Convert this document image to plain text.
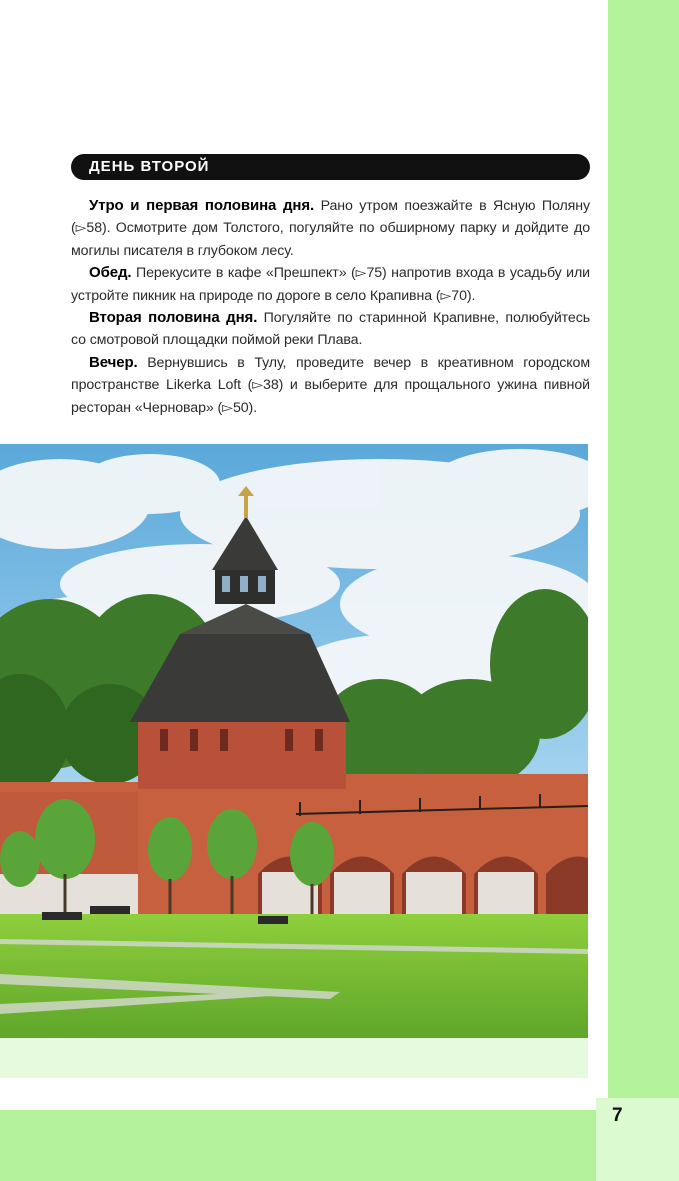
7
ДЕНЬ ВТОРОЙ

Утро и первая половина дня. Рано утром поезжайте в Ясную Поляну (▻58). Осмотрите дом Толстого, погуляйте по обширному парку и дойдите до могилы писателя в глубоком лесу.

Обед. Перекусите в кафе «Прешпект» (▻75) напротив входа в усадьбу или устройте пикник на природе по дороге в село Крапивна (▻70).

Вторая половина дня. Погуляйте по старинной Крапивне, полюбуйтесь со смотровой площадки поймой реки Плава.

Вечер. Вернувшись в Тулу, проведите вечер в креативном городском пространстве Likerka Loft (▻38) и выберите для прощального ужина пивной ресторан «Черновар» (▻50).
